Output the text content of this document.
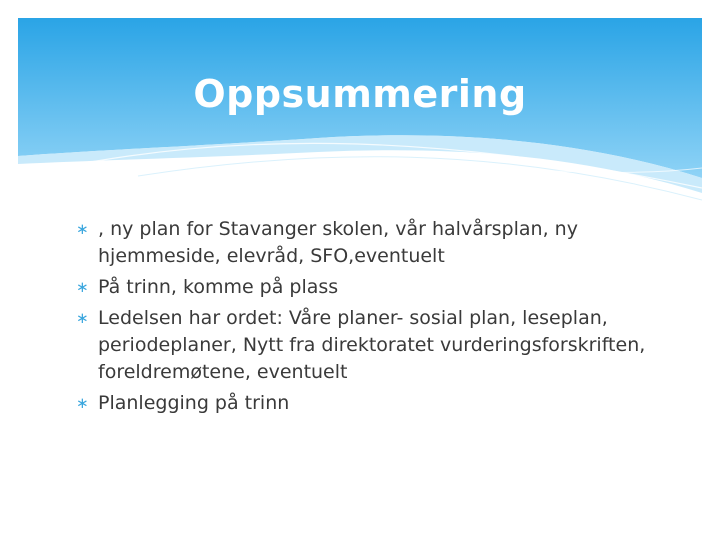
Oppsummering
∗ , ny plan for Stavanger skolen, vår halvårsplan, ny hjemmeside, elevråd, SFO,eventuelt
∗ På trinn, komme på plass
∗ Ledelsen har ordet: Våre planer- sosial plan, leseplan, periodeplaner, Nytt fra direktoratet vurderingsforskriften, foreldremøtene, eventuelt
∗ Planlegging på trinn
